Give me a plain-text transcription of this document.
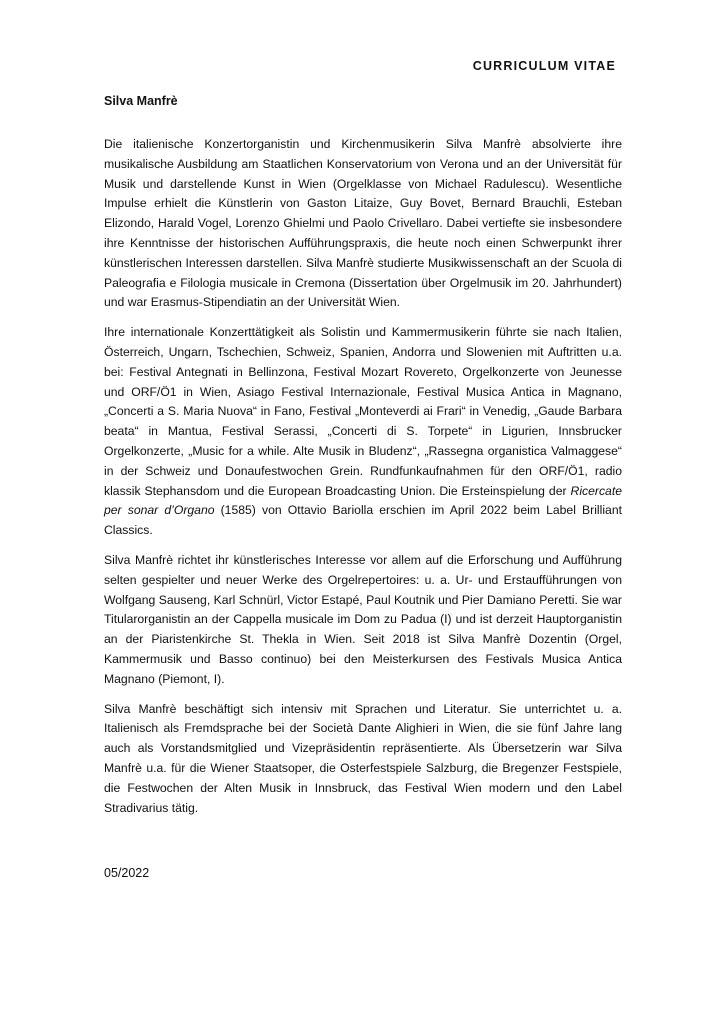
CURRICULUM VITAE
Silva Manfrè

Die italienische Konzertorganistin und Kirchenmusikerin Silva Manfrè absolvierte ihre musikalische Ausbildung am Staatlichen Konservatorium von Verona und an der Universität für Musik und darstellende Kunst in Wien (Orgelklasse von Michael Radulescu). Wesentliche Impulse erhielt die Künstlerin von Gaston Litaize, Guy Bovet, Bernard Brauchli, Esteban Elizondo, Harald Vogel, Lorenzo Ghielmi und Paolo Crivellaro. Dabei vertiefte sie insbesondere ihre Kenntnisse der historischen Aufführungspraxis, die heute noch einen Schwerpunkt ihrer künstlerischen Interessen darstellen. Silva Manfrè studierte Musikwissenschaft an der Scuola di Paleografia e Filologia musicale in Cremona (Dissertation über Orgelmusik im 20. Jahrhundert) und war Erasmus-Stipendiatin an der Universität Wien.

Ihre internationale Konzerttätigkeit als Solistin und Kammermusikerin führte sie nach Italien, Österreich, Ungarn, Tschechien, Schweiz, Spanien, Andorra und Slowenien mit Auftritten u.a. bei: Festival Antegnati in Bellinzona, Festival Mozart Rovereto, Orgelkonzerte von Jeunesse und ORF/Ö1 in Wien, Asiago Festival Internazionale, Festival Musica Antica in Magnano, „Concerti a S. Maria Nuova“ in Fano, Festival „Monteverdi ai Frari“ in Venedig, „Gaude Barbara beata“ in Mantua, Festival Serassi, „Concerti di S. Torpete“ in Ligurien, Innsbrucker Orgelkonzerte, „Music for a while. Alte Musik in Bludenz“, „Rassegna organistica Valmaggese“ in der Schweiz und Donaufestwochen Grein. Rundfunkaufnahmen für den ORF/Ö1, radio klassik Stephansdom und die European Broadcasting Union. Die Ersteinspielung der Ricercate per sonar d’Organo (1585) von Ottavio Bariolla erschien im April 2022 beim Label Brilliant Classics.

Silva Manfrè richtet ihr künstlerisches Interesse vor allem auf die Erforschung und Aufführung selten gespielter und neuer Werke des Orgelrepertoires: u. a. Ur- und Erstaufführungen von Wolfgang Sauseng, Karl Schnürl, Victor Estapé, Paul Koutnik und Pier Damiano Peretti. Sie war Titularorganistin an der Cappella musicale im Dom zu Padua (I) und ist derzeit Hauptorganistin an der Piaristenkirche St. Thekla in Wien. Seit 2018 ist Silva Manfrè Dozentin (Orgel, Kammermusik und Basso continuo) bei den Meisterkursen des Festivals Musica Antica Magnano (Piemont, I).

Silva Manfrè beschäftigt sich intensiv mit Sprachen und Literatur. Sie unterrichtet u. a. Italienisch als Fremdsprache bei der Società Dante Alighieri in Wien, die sie fünf Jahre lang auch als Vorstandsmitglied und Vizepräsidentin repräsentierte. Als Übersetzerin war Silva Manfrè u.a. für die Wiener Staatsoper, die Osterfestspiele Salzburg, die Bregenzer Festspiele, die Festwochen der Alten Musik in Innsbruck, das Festival Wien modern und den Label Stradivarius tätig.

05/2022
